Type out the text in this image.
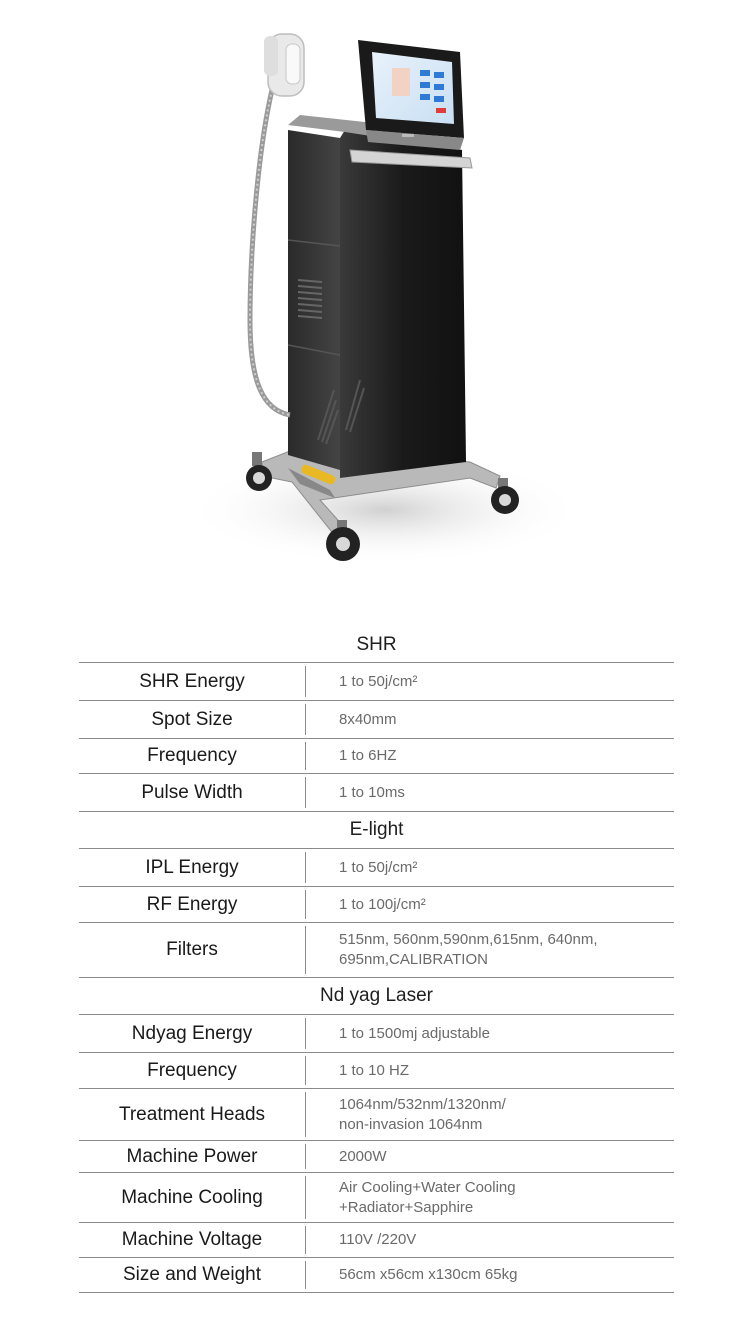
SHR
SHR Energy	1 to 50j/cm²
Spot Size	8x40mm
Frequency	1 to 6HZ
Pulse Width	1 to 10ms
E-light
IPL Energy	1 to 50j/cm²
RF Energy	1 to 100j/cm²
Filters	515nm, 560nm,590nm,615nm, 640nm,
695nm,CALIBRATION
Nd yag Laser
Ndyag Energy	1 to 1500mj adjustable
Frequency	1 to 10 HZ
Treatment Heads	1064nm/532nm/1320nm/
non-invasion 1064nm
Machine Power	2000W
Machine Cooling	Air Cooling+Water Cooling
+Radiator+Sapphire
Machine Voltage	110V /220V
Size and Weight	56cm x56cm x130cm 65kg
